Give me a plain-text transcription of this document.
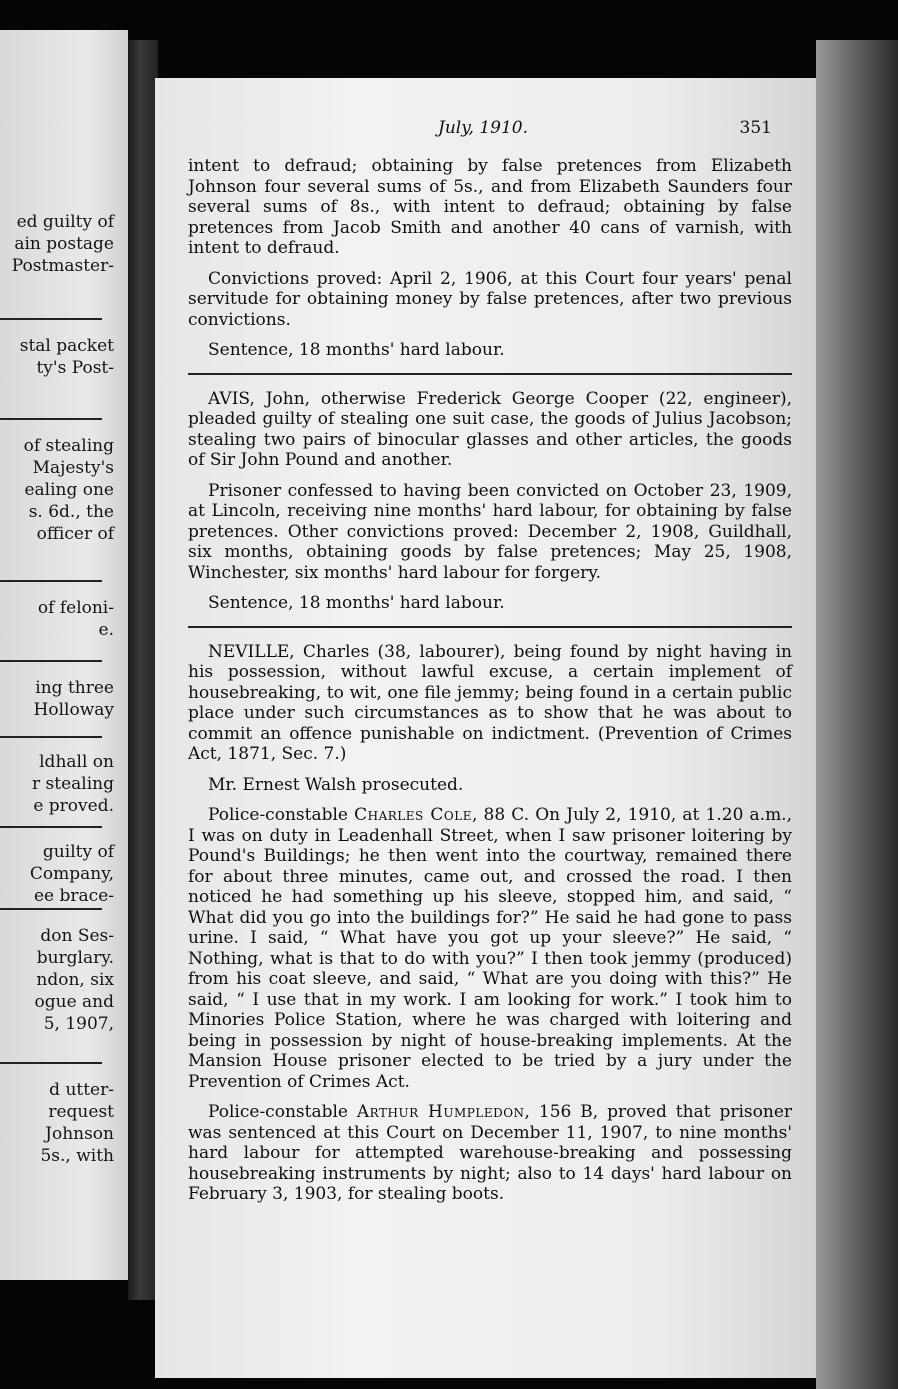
ed guilty of
ain postage
Postmaster-
stal packet
ty's Post-
of stealing
Majesty's
ealing one
s. 6d., the
officer of
of feloni-
e.
ing three
Holloway
ldhall on
r stealing
e proved.
guilty of
Company,
ee brace-
don Ses-
burglary.
ndon, six
ogue and
5, 1907,
d utter-
request
Johnson
5s., with
July, 1910.	351

intent to defraud; obtaining by false pretences from Elizabeth Johnson four several sums of 5s., and from Elizabeth Saunders four several sums of 8s., with intent to defraud; obtaining by false pretences from Jacob Smith and another 40 cans of varnish, with intent to defraud.

Convictions proved: April 2, 1906, at this Court four years' penal servitude for obtaining money by false pretences, after two previous convictions.

Sentence, 18 months' hard labour.

AVIS, John, otherwise Frederick George Cooper (22, engineer), pleaded guilty of stealing one suit case, the goods of Julius Jacobson; stealing two pairs of binocular glasses and other articles, the goods of Sir John Pound and another.

Prisoner confessed to having been convicted on October 23, 1909, at Lincoln, receiving nine months' hard labour, for obtaining by false pretences. Other convictions proved: December 2, 1908, Guildhall, six months, obtaining goods by false pretences; May 25, 1908, Winchester, six months' hard labour for forgery.

Sentence, 18 months' hard labour.

NEVILLE, Charles (38, labourer), being found by night having in his possession, without lawful excuse, a certain implement of housebreaking, to wit, one file jemmy; being found in a certain public place under such circumstances as to show that he was about to commit an offence punishable on indictment. (Prevention of Crimes Act, 1871, Sec. 7.)

Mr. Ernest Walsh prosecuted.

Police-constable Charles Cole, 88 C. On July 2, 1910, at 1.20 a.m., I was on duty in Leadenhall Street, when I saw prisoner loitering by Pound's Buildings; he then went into the courtway, remained there for about three minutes, came out, and crossed the road. I then noticed he had something up his sleeve, stopped him, and said, “ What did you go into the buildings for?” He said he had gone to pass urine. I said, “ What have you got up your sleeve?” He said, “ Nothing, what is that to do with you?” I then took jemmy (produced) from his coat sleeve, and said, “ What are you doing with this?” He said, “ I use that in my work. I am looking for work.” I took him to Minories Police Station, where he was charged with loitering and being in possession by night of house-breaking implements. At the Mansion House prisoner elected to be tried by a jury under the Prevention of Crimes Act.

Police-constable Arthur Humpledon, 156 B, proved that prisoner was sentenced at this Court on December 11, 1907, to nine months' hard labour for attempted warehouse-breaking and possessing housebreaking instruments by night; also to 14 days' hard labour on February 3, 1903, for stealing boots.
